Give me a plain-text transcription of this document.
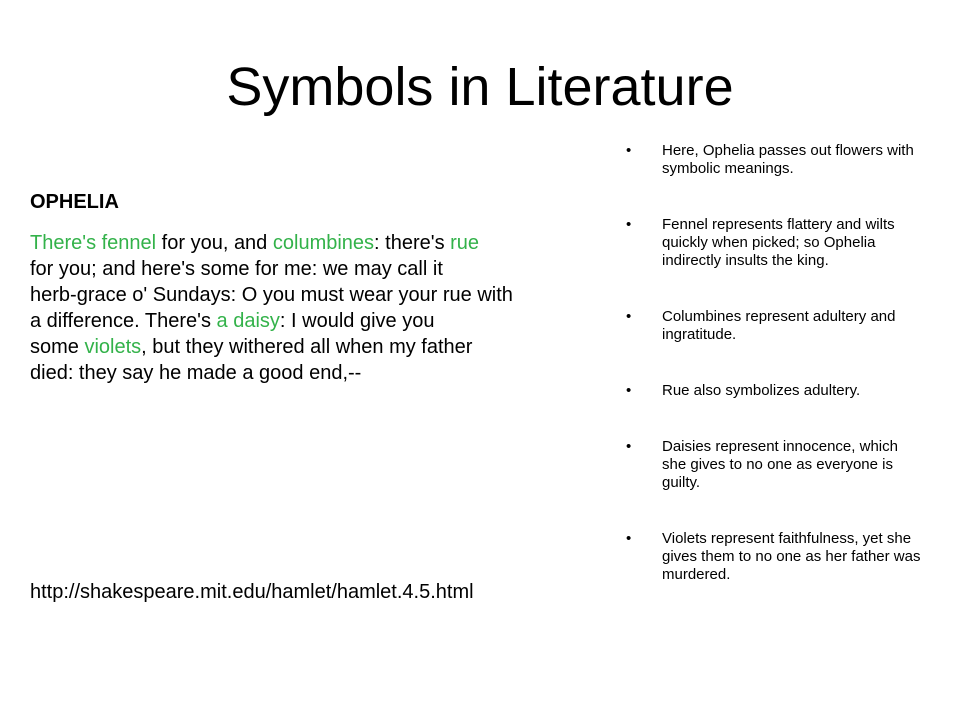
Symbols in Literature

OPHELIA

There's fennel for you, and columbines: there's rue
for you; and here's some for me: we may call it
herb-grace o' Sundays: O you must wear your rue with
a difference. There's a daisy: I would give you
some violets, but they withered all when my father
died: they say he made a good end,--

http://shakespeare.mit.edu/hamlet/hamlet.4.5.html

• Here, Ophelia passes out flowers with symbolic meanings.
• Fennel represents flattery and wilts quickly when picked; so Ophelia indirectly insults the king.
• Columbines represent adultery and ingratitude.
• Rue also symbolizes adultery.
• Daisies represent innocence, which she gives to no one as everyone is guilty.
• Violets represent faithfulness, yet she gives them to no one as her father was murdered.
